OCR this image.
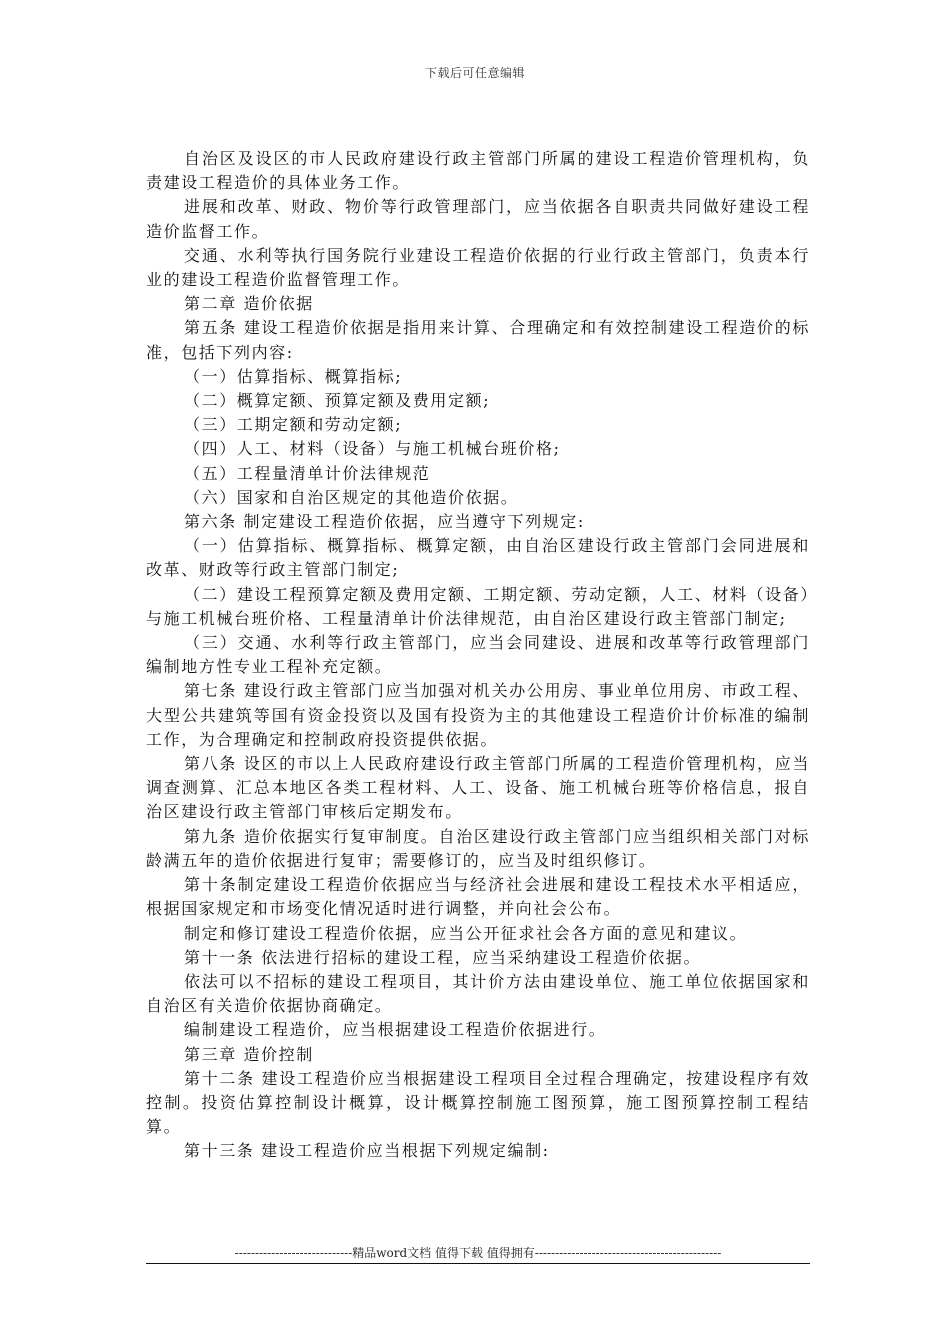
下载后可任意编辑

自治区及设区的市人民政府建设行政主管部门所属的建设工程造价管理机构，负责建设工程造价的具体业务工作。

进展和改革、财政、物价等行政管理部门，应当依据各自职责共同做好建设工程造价监督工作。

交通、水利等执行国务院行业建设工程造价依据的行业行政主管部门，负责本行业的建设工程造价监督管理工作。

第二章 造价依据

第五条 建设工程造价依据是指用来计算、合理确定和有效控制建设工程造价的标准，包括下列内容:

（一）估算指标、概算指标;

（二）概算定额、预算定额及费用定额;

（三）工期定额和劳动定额;

（四）人工、材料（设备）与施工机械台班价格;

（五）工程量清单计价法律规范

（六）国家和自治区规定的其他造价依据。

第六条 制定建设工程造价依据，应当遵守下列规定:

（一）估算指标、概算指标、概算定额，由自治区建设行政主管部门会同进展和改革、财政等行政主管部门制定;

（二）建设工程预算定额及费用定额、工期定额、劳动定额，人工、材料（设备）与施工机械台班价格、工程量清单计价法律规范，由自治区建设行政主管部门制定;

（三）交通、水利等行政主管部门，应当会同建设、进展和改革等行政管理部门编制地方性专业工程补充定额。

第七条 建设行政主管部门应当加强对机关办公用房、事业单位用房、市政工程、大型公共建筑等国有资金投资以及国有投资为主的其他建设工程造价计价标准的编制工作，为合理确定和控制政府投资提供依据。

第八条 设区的市以上人民政府建设行政主管部门所属的工程造价管理机构，应当调查测算、汇总本地区各类工程材料、人工、设备、施工机械台班等价格信息，报自治区建设行政主管部门审核后定期发布。

第九条 造价依据实行复审制度。自治区建设行政主管部门应当组织相关部门对标龄满五年的造价依据进行复审；需要修订的，应当及时组织修订。

第十条制定建设工程造价依据应当与经济社会进展和建设工程技术水平相适应，根据国家规定和市场变化情况适时进行调整，并向社会公布。

制定和修订建设工程造价依据，应当公开征求社会各方面的意见和建议。

第十一条 依法进行招标的建设工程，应当采纳建设工程造价依据。

依法可以不招标的建设工程项目，其计价方法由建设单位、施工单位依据国家和自治区有关造价依据协商确定。

编制建设工程造价，应当根据建设工程造价依据进行。

第三章 造价控制

第十二条 建设工程造价应当根据建设工程项目全过程合理确定，按建设程序有效控制。投资估算控制设计概算，设计概算控制施工图预算，施工图预算控制工程结算。

第十三条 建设工程造价应当根据下列规定编制:

-----------------------------精品word文档 值得下载 值得拥有----------------------------------------------
